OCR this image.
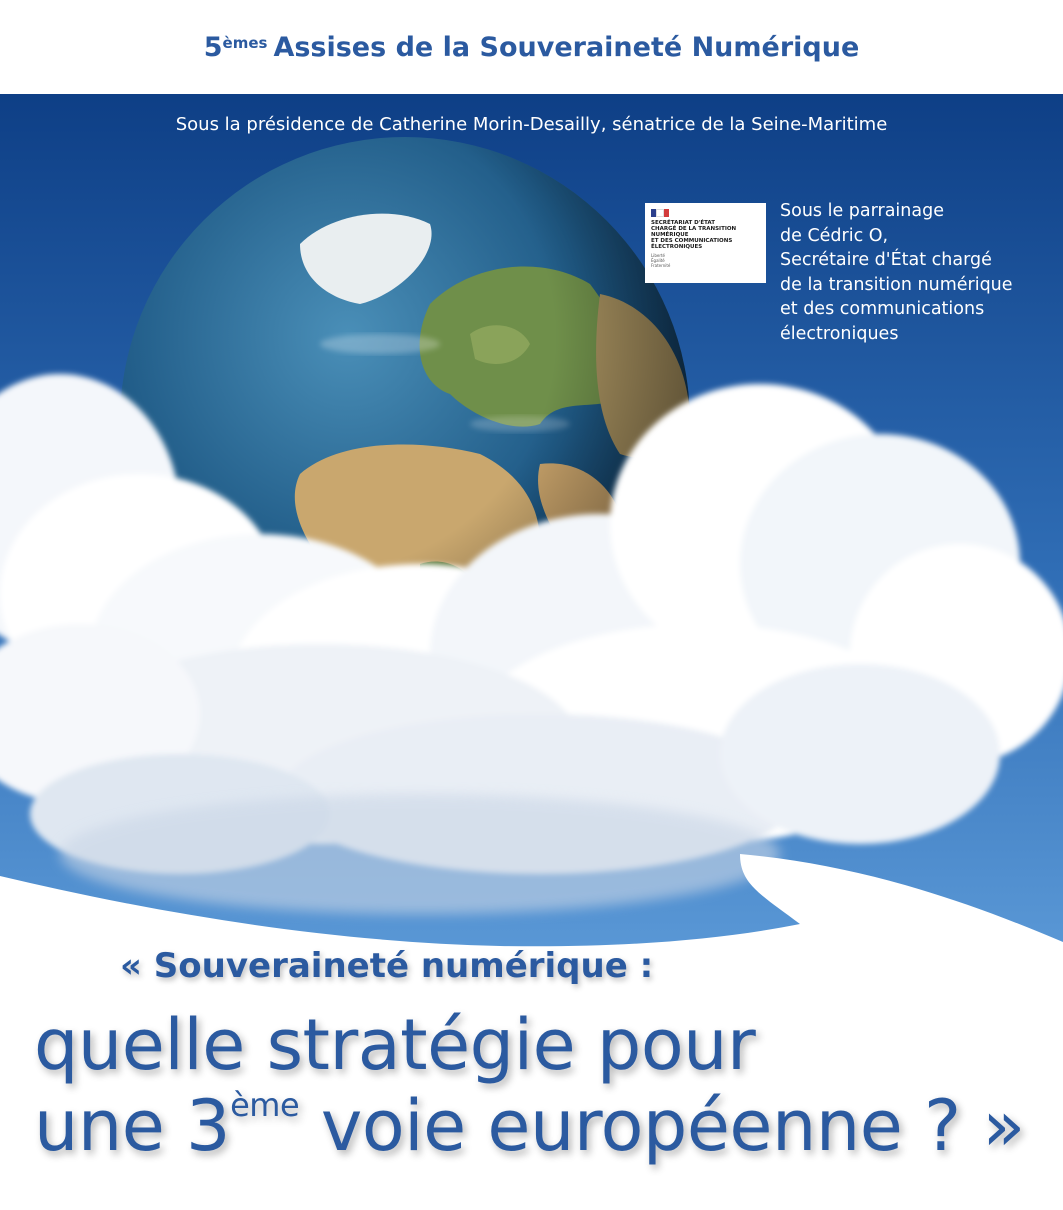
5èmes Assises de la Souveraineté Numérique
Sous la présidence de Catherine Morin-Desailly, sénatrice de la Seine-Maritime
SECRÉTARIAT D'ÉTAT
CHARGÉ DE LA TRANSITION
NUMÉRIQUE
ET DES COMMUNICATIONS
ÉLECTRONIQUES
Liberté
Égalité
Fraternité
Sous le parrainage
de Cédric O,
Secrétaire d'État chargé
de la transition numérique
et des communications
électroniques
« Souveraineté numérique :
quelle stratégie pour
une 3ème voie européenne ? »
